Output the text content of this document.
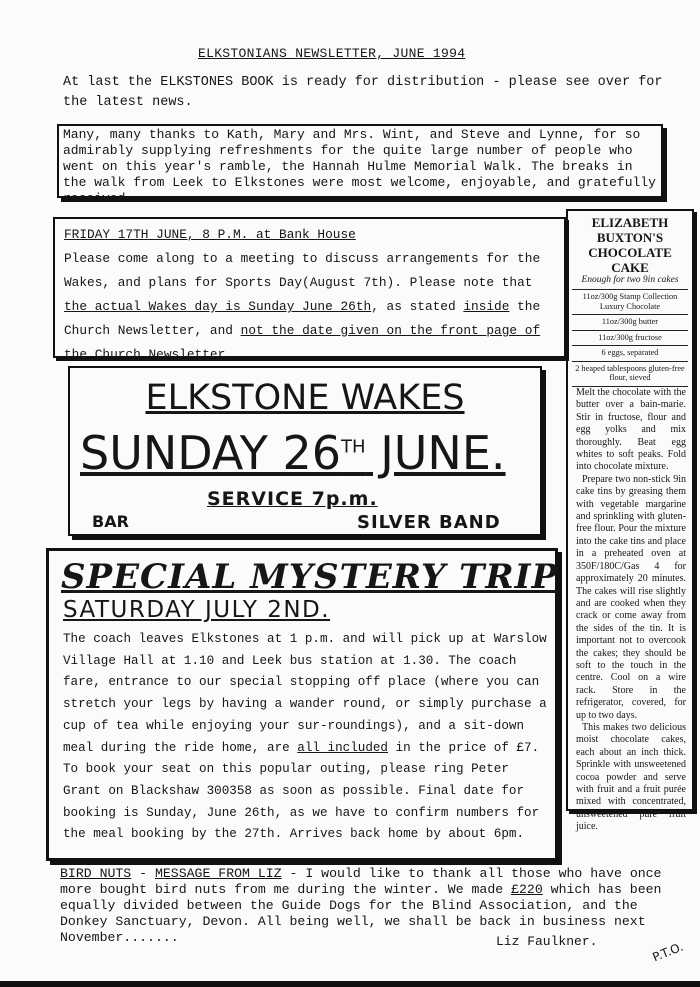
ELKSTONIANS NEWSLETTER, JUNE 1994
At last the ELKSTONES BOOK is ready for distribution - please see over for the latest news.
Many, many thanks to Kath, Mary and Mrs. Wint, and Steve and Lynne, for so admirably supplying refreshments for the quite large number of people who went on this year's ramble, the Hannah Hulme Memorial Walk. The breaks in the walk from Leek to Elkstones were most welcome, enjoyable, and gratefully received.
FRIDAY 17TH JUNE, 8 P.M. at Bank House
Please come along to a meeting to discuss arrangements for the Wakes, and plans for Sports Day(August 7th). Please note that the actual Wakes day is Sunday June 26th, as stated inside the Church Newsletter, and not the date given on the front page of the Church Newsletter.
ELKSTONE WAKES
SUNDAY 26TH JUNE.
SERVICE 7p.m.
BAR	SILVER BAND
SPECIAL MYSTERY TRIP
SATURDAY JULY 2ND.
The coach leaves Elkstones at 1 p.m. and will pick up at Warslow Village Hall at 1.10 and Leek bus station at 1.30. The coach fare, entrance to our special stopping off place (where you can stretch your legs by having a wander round, or simply purchase a cup of tea while enjoying your sur-roundings), and a sit-down meal during the ride home, are all included in the price of £7. To book your seat on this popular outing, please ring Peter Grant on Blackshaw 300358 as soon as possible. Final date for booking is Sunday, June 26th, as we have to confirm numbers for the meal booking by the 27th. Arrives back home by about 6pm.
ELIZABETH BUXTON'S CHOCOLATE CAKE
Enough for two 9in cakes
11oz/300g Stamp Collection Luxury Chocolate
11oz/300g butter
11oz/300g fructose
6 eggs, separated
2 heaped tablespoons gluten-free flour, sieved

Melt the chocolate with the butter over a bain-marie. Stir in fructose, flour and egg yolks and mix thoroughly. Beat egg whites to soft peaks. Fold into chocolate mixture.

Prepare two non-stick 9in cake tins by greasing them with vegetable margarine and sprinkling with gluten-free flour. Pour the mixture into the cake tins and place in a preheated oven at 350F/180C/Gas 4 for approximately 20 minutes. The cakes will rise slightly and are cooked when they crack or come away from the sides of the tin. It is important not to overcook the cakes; they should be soft to the touch in the centre. Cool on a wire rack. Store in the refrigerator, covered, for up to two days.

This makes two delicious moist chocolate cakes, each about an inch thick. Sprinkle with unsweetened cocoa powder and serve with fruit and a fruit purée mixed with concentrated, unsweetened pure fruit juice.

BIRD NUTS - MESSAGE FROM LIZ - I would like to thank all those who have once more bought bird nuts from me during the winter. We made £220 which has been equally divided between the Guide Dogs for the Blind Association, and the Donkey Sanctuary, Devon. All being well, we shall be back in business next November.......	Liz Faulkner.	P.T.O.
